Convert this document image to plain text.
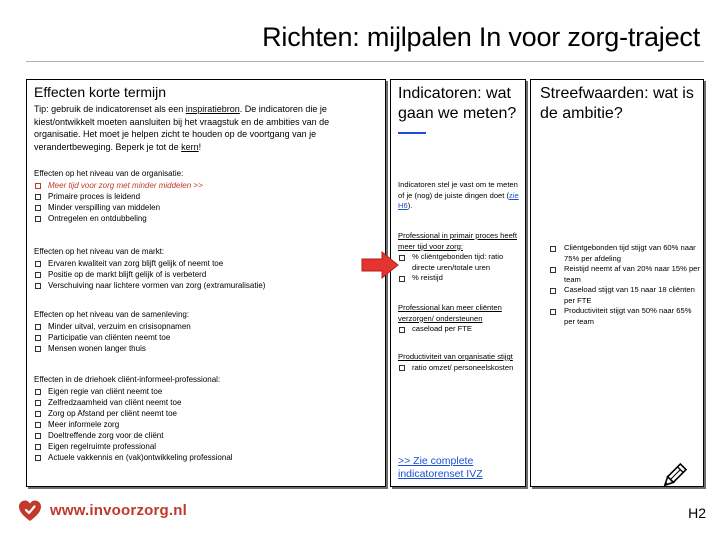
Richten: mijlpalen In voor zorg-traject
Effecten korte termijn
Tip: gebruik de indicatorenset als een inspiratiebron. De indicatoren die je kiest/ontwikkelt moeten aansluiten bij het vraagstuk en de ambities van de organisatie. Het moet je helpen zicht te houden op de voortgang van je verandertbeweging. Beperk je tot de kern!
Effecten op het niveau van de organisatie:
Meer tijd voor zorg met minder middelen >>
Primaire proces is leidend
Minder verspilling van middelen
Ontregelen en ontdubbeling
Effecten op het niveau van de markt:
Ervaren kwaliteit van zorg blijft gelijk of neemt toe
Positie op de markt blijft gelijk of is verbeterd
Verschuiving naar lichtere vormen van zorg (extramuralisatie)
Effecten op het niveau van de samenleving:
Minder uitval, verzuim en crisisopnamen
Participatie van cliënten neemt toe
Mensen wonen langer thuis
Effecten in de driehoek cliënt-informeel-professional:
Eigen regie van cliënt neemt toe
Zelfredzaamheid van cliënt neemt toe
Zorg op Afstand per cliënt neemt toe
Meer informele zorg
Doeltreffende zorg voor de cliënt
Eigen regelruimte professional
Actuele vakkennis en (vak)ontwikkeling professional
Indicatoren: wat gaan we meten?
Indicatoren stel je vast om te meten of je (nog) de juiste dingen doet (zie H6).
Professional in primair proces heeft meer tijd voor zorg:
% cliëntgebonden tijd: ratio directe uren/totale uren
% reistijd
Professional kan meer cliënten verzorgen/ ondersteunen
caseload per FTE
Productiviteit van organisatie stijgt
ratio omzet/ personeelskosten
>> Zie complete indicatorenset IVZ
Streefwaarden: wat is de ambitie?
Cliëntgebonden tijd stijgt van 60% naar 75% per afdeling
Reistijd neemt af van 20% naar 15% per team
Caseload stijgt van 15 naar 18 cliënten per FTE
Productiviteit stijgt van 50% naar 65% per team
www.invoorzorg.nl	H2
